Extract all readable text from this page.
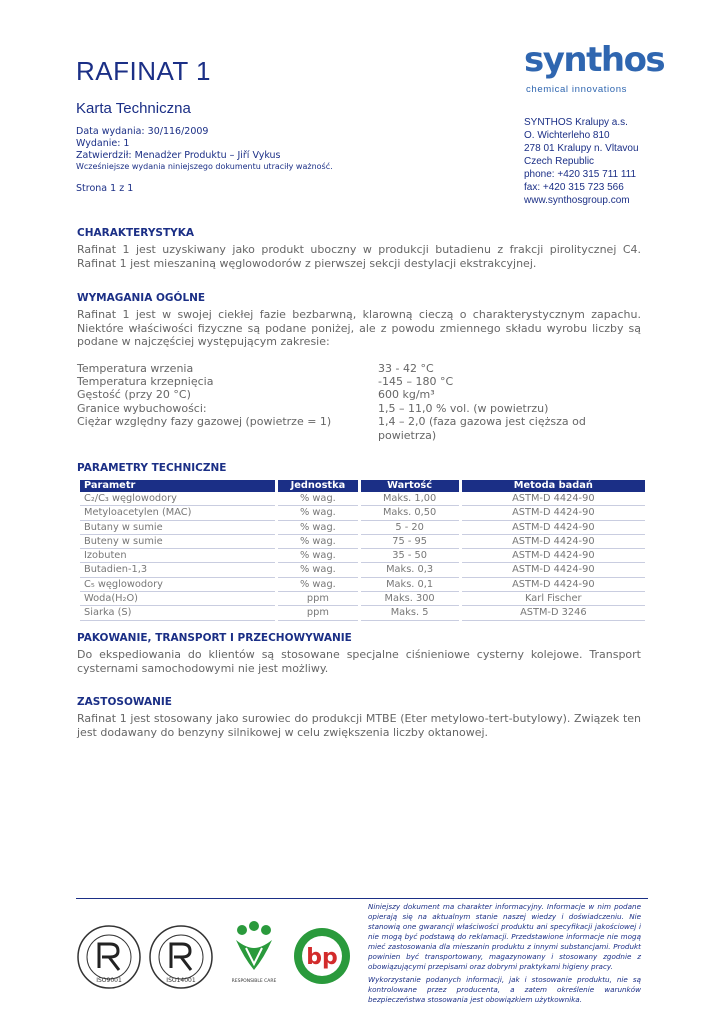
RAFINAT 1
Karta Techniczna
Data wydania: 30/116/2009
Wydanie: 1
Zatwierdził: Menadżer Produktu – Jiří Vykus
Wcześniejsze wydania niniejszego dokumentu utraciły ważność.
Strona 1 z 1
synthos
chemical innovations
SYNTHOS Kralupy a.s.
O. Wichterleho 810
278 01 Kralupy n. Vltavou
Czech Republic
phone: +420 315 711 111
fax: +420 315 723 566
www.synthosgroup.com
CHARAKTERYSTYKA
Rafinat 1 jest uzyskiwany jako produkt uboczny w produkcji butadienu z frakcji pirolitycznej C4. Rafinat 1 jest mieszaniną węglowodorów z pierwszej sekcji destylacji ekstrakcyjnej.
WYMAGANIA OGÓLNE
Rafinat 1 jest w swojej ciekłej fazie bezbarwną, klarowną cieczą o charakterystycznym zapachu. Niektóre właściwości fizyczne są podane poniżej, ale z powodu zmiennego składu wyrobu liczby są podane w najczęściej występującym zakresie:
Temperatura wrzenia	33 - 42 °C
Temperatura krzepnięcia	-145 – 180 °C
Gęstość (przy 20 °C)	600 kg/m³
Granice wybuchowości:	1,5 – 11,0 % vol. (w powietrzu)
Ciężar względny fazy gazowej (powietrze = 1)	1,4 – 2,0 (faza gazowa jest cięższa od powietrza)
PARAMETRY TECHNICZNE
Parametr	Jednostka	Wartość	Metoda badań
C₂/C₃ węglowodory	% wag.	Maks. 1,00	ASTM-D 4424-90
Metyloacetylen (MAC)	% wag.	Maks. 0,50	ASTM-D 4424-90
Butany w sumie	% wag.	5 - 20	ASTM-D 4424-90
Buteny w sumie	% wag.	75 - 95	ASTM-D 4424-90
Izobuten	% wag.	35 - 50	ASTM-D 4424-90
Butadien-1,3	% wag.	Maks. 0,3	ASTM-D 4424-90
C₅ węglowodory	% wag.	Maks. 0,1	ASTM-D 4424-90
Woda(H₂O)	ppm	Maks. 300	Karl Fischer
Siarka (S)	ppm	Maks. 5	ASTM-D 3246
PAKOWANIE, TRANSPORT I PRZECHOWYWANIE
Do ekspediowania do klientów są stosowane specjalne ciśnieniowe cysterny kolejowe. Transport cysternami samochodowymi nie jest możliwy.
ZASTOSOWANIE
Rafinat 1 jest stosowany jako surowiec do produkcji MTBE (Eter metylowo-tert-butylowy). Związek ten jest dodawany do benzyny silnikowej w celu zwiększenia liczby oktanowej.
ISO9001	ISO14001	RESPONSIBLE CARE
bp

Niniejszy dokument ma charakter informacyjny. Informacje w nim podane opierają się na aktualnym stanie naszej wiedzy i doświadczeniu. Nie stanowią one gwarancji właściwości produktu ani specyfikacji jakościowej i nie mogą być podstawą do reklamacji. Przedstawione informacje nie mogą mieć zastosowania dla mieszanin produktu z innymi substancjami. Produkt powinien być transportowany, magazynowany i stosowany zgodnie z obowiązującymi przepisami oraz dobrymi praktykami higieny pracy.

Wykorzystanie podanych informacji, jak i stosowanie produktu, nie są kontrolowane przez producenta, a zatem określenie warunków bezpieczeństwa stosowania jest obowiązkiem użytkownika.
